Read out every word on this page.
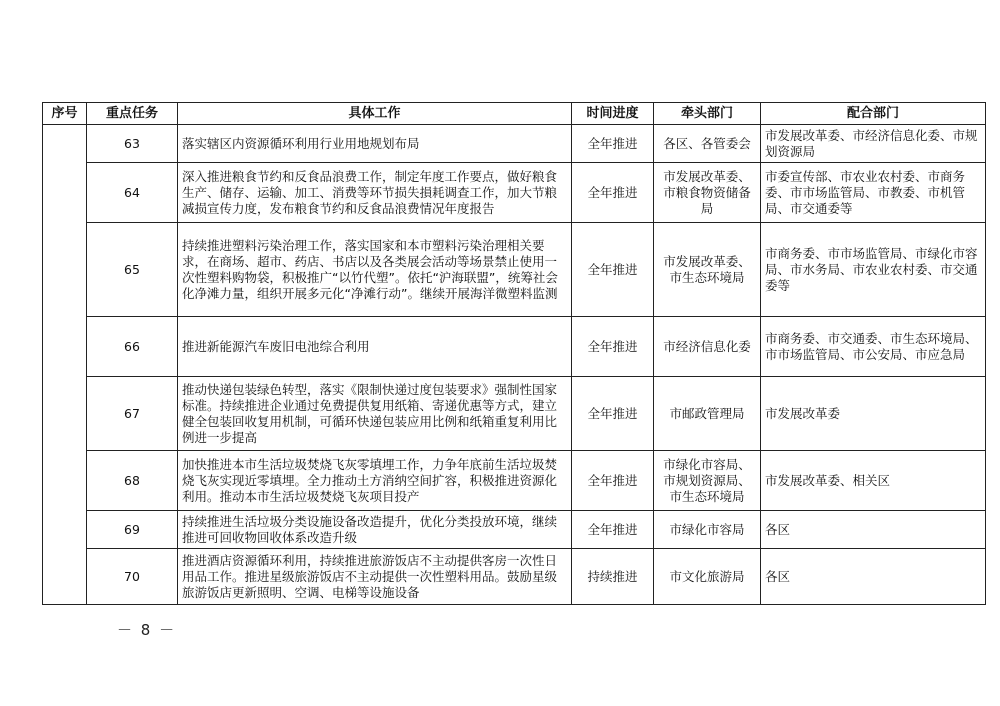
序号	重点任务	具体工作	时间进度	牵头部门	配合部门
	63	落实辖区内资源循环利用行业用地规划布局	全年推进	各区、各管委会	市发展改革委、市经济信息化委、市规划资源局
	64	深入推进粮食节约和反食品浪费工作，制定年度工作要点，做好粮食生产、储存、运输、加工、消费等环节损失損耗调查工作，加大节粮减损宣传力度，发布粮食节约和反食品浪费情况年度报告	全年推进	市发展改革委、市粮食物资储备局	市委宣传部、市农业农村委、市商务委、市市场监管局、市教委、市机管局、市交通委等
	65	持续推进塑料污染治理工作，落实国家和本市塑料污染治理相关要求，在商场、超市、药店、书店以及各类展会活动等场景禁止使用一次性塑料购物袋，积极推广“以竹代塑”。依托“沪海联盟”，统筹社会化净滩力量，组织开展多元化“净滩行动”。继续开展海洋微塑料监测	全年推进	市发展改革委、市生态环境局	市商务委、市市场监管局、市绿化市容局、市水务局、市农业农村委、市交通委等
	66	推进新能源汽车废旧电池综合利用	全年推进	市经济信息化委	市商务委、市交通委、市生态环境局、市市场监管局、市公安局、市应急局
	67	推动快递包装绿色转型，落实《限制快递过度包装要求》强制性国家标准。持续推进企业通过免费提供复用纸箱、寄递优惠等方式，建立健全包装回收复用机制，可循环快递包装应用比例和纸箱重复利用比例进一步提高	全年推进	市邮政管理局	市发展改革委
	68	加快推进本市生活垃圾焚烧飞灰零填埋工作，力争年底前生活垃圾焚烧飞灰实现近零填埋。全力推动土方消纳空间扩容，积极推进资源化利用。推动本市生活垃圾焚烧飞灰项目投产	全年推进	市绿化市容局、市规划资源局、市生态环境局	市发展改革委、相关区
	69	持续推进生活垃圾分类设施设备改造提升，优化分类投放环境，继续推进可回收物回收体系改造升级	全年推进	市绿化市容局	各区
	70	推进酒店资源循环利用，持续推进旅游饭店不主动提供客房一次性日用品工作。推进星级旅游饭店不主动提供一次性塑料用品。鼓励星级旅游饭店更新照明、空调、电梯等设施设备	持续推进	市文化旅游局	各区
－ 8 －
